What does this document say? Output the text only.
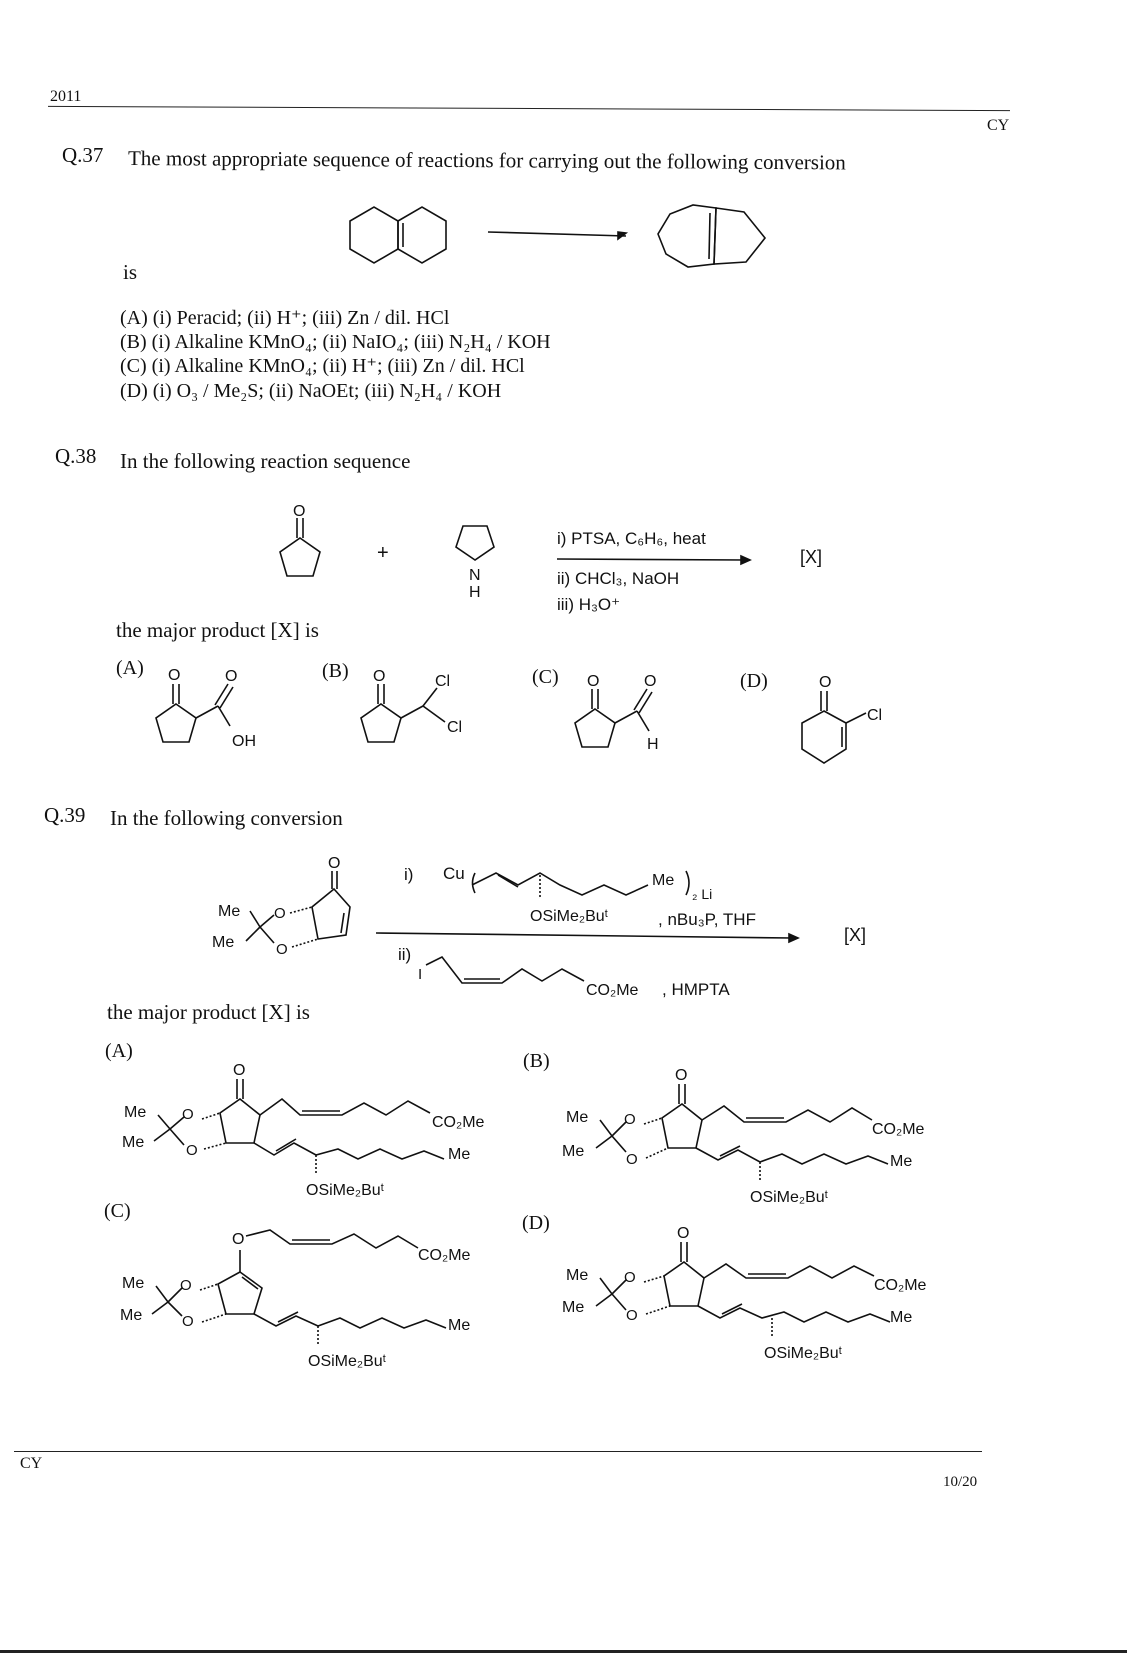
2011
CY
Q.37 The most appropriate sequence of reactions for carrying out the following conversion
is
(A) (i) Peracid; (ii) H⁺; (iii) Zn / dil. HCl
(B) (i) Alkaline KMnO₄; (ii) NaIO₄; (iii) N₂H₄ / KOH
(C) (i) Alkaline KMnO₄; (ii) H⁺; (iii) Zn / dil. HCl
(D) (i) O₃ / Me₂S; (ii) NaOEt; (iii) N₂H₄ / KOH
Q.38 In the following reaction sequence
O
+
N
H
i) PTSA, C₆H₆, heat
ii) CHCl₃, NaOH
iii) H₃O⁺
[X]
the major product [X] is
(A) O	O
OH
(B) O	Cl
Cl
(C) O	O
H
(D)	O
Cl
Q.39 In the following conversion
Me
Me
O
O
O
i) Cu
OSiMe₂Buᵗ
Me
₂ Li
, nBu₃P, THF
[X]
ii)
I
CO₂Me , HMPTA
the major product [X] is
(A)
Me
Me
O
O
O
CO₂Me
OSiMe₂Buᵗ
Me
(B)
Me
Me
O
O
O
CO₂Me
OSiMe₂Buᵗ
Me
(C)
Me
Me
O
O
O
CO₂Me
OSiMe₂Buᵗ
Me
(D)
Me
Me
O
O
O
CO₂Me
OSiMe₂Buᵗ
Me
CY
10/20
